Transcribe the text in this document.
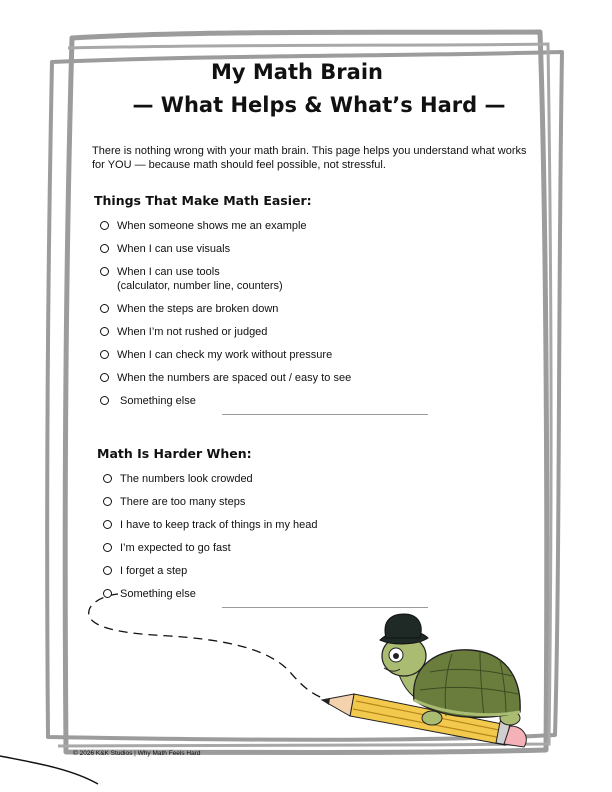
My Math Brain
— What Helps & What’s Hard —

There is nothing wrong with your math brain. This page helps you understand what works for YOU — because math should feel possible, not stressful.

Things That Make Math Easier:
When someone shows me an example
When I can use visuals
When I can use tools
(calculator, number line, counters)
When the steps are broken down
When I’m not rushed or judged
When I can check my work without pressure
When the numbers are spaced out / easy to see
Something else
Math Is Harder When:
The numbers look crowded
There are too many steps
I have to keep track of things in my head
I’m expected to go fast
I forget a step
Something else

© 2026 K&K Studios | Why Math Feels Hard
